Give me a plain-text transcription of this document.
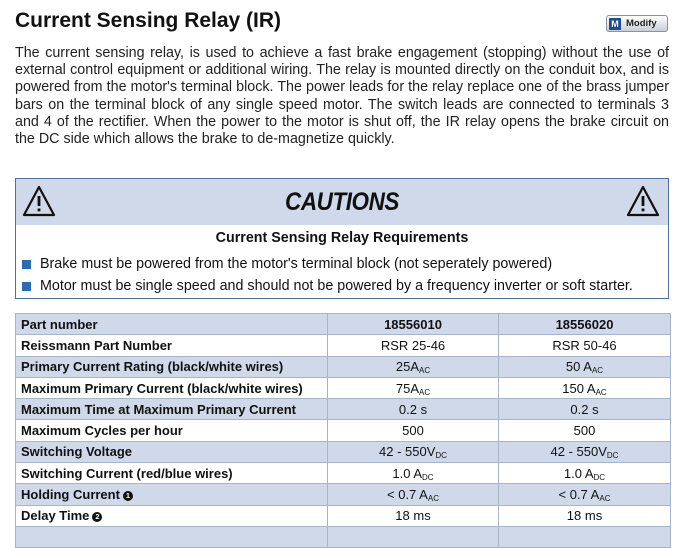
Current Sensing Relay (IR)	M Modify

The current sensing relay, is used to achieve a fast brake engagement (stopping) without the use of external control equipment or additional wiring. The relay is mounted directly on the conduit box, and is powered from the motor's terminal block. The power leads for the relay replace one of the brass jumper bars on the terminal block of any single speed motor. The switch leads are connected to terminals 3 and 4 of the rectifier. When the power to the motor is shut off, the IR relay opens the brake circuit on the DC side which allows the brake to de-magnetize quickly.

CAUTIONS
Current Sensing Relay Requirements
Brake must be powered from the motor's terminal block (not seperately powered)
Motor must be single speed and should not be powered by a frequency inverter or soft starter.
Part number	18556010	18556020
Reissmann Part Number	RSR 25-46	RSR 50-46
Primary Current Rating (black/white wires)	$25A_{AC}$	50 $A_{AC}$
Maximum Primary Current (black/white wires)	$75A_{AC}$	150 $A_{AC}$
Maximum Time at Maximum Primary Current	0.2 s	0.2 s
Maximum Cycles per hour	500	500
Switching Voltage	$42 - 550V_{DC}$	$42 - 550V_{DC}$
Switching Current (red/blue wires)	1.0 $A_{DC}$	1.0 $A_{DC}$
Holding Current 1	< 0.7 $A_{AC}$	< 0.7 $A_{AC}$
Delay Time 2	18 ms	18 ms
